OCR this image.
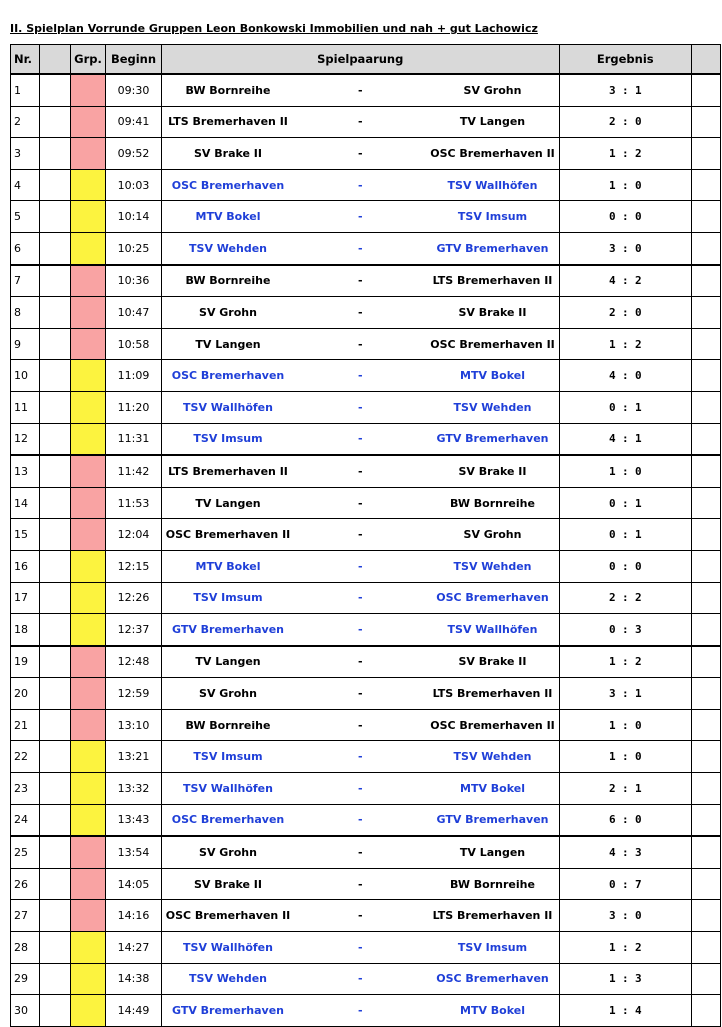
II. Spielplan Vorrunde Gruppen Leon Bonkowski Immobilien und nah + gut Lachowicz
Nr.		Grp.	Beginn	Spielpaarung			Ergebnis	
1			09:30	BW Bornreihe	-	SV Grohn	3 : 1	
2			09:41	LTS Bremerhaven II	-	TV Langen	2 : 0	
3			09:52	SV Brake II	-	OSC Bremerhaven II	1 : 2	
4			10:03	OSC Bremerhaven	-	TSV Wallhöfen	1 : 0	
5			10:14	MTV Bokel	-	TSV Imsum	0 : 0	
6			10:25	TSV Wehden	-	GTV Bremerhaven	3 : 0	
7			10:36	BW Bornreihe	-	LTS Bremerhaven II	4 : 2	
8			10:47	SV Grohn	-	SV Brake II	2 : 0	
9			10:58	TV Langen	-	OSC Bremerhaven II	1 : 2	
10			11:09	OSC Bremerhaven	-	MTV Bokel	4 : 0	
11			11:20	TSV Wallhöfen	-	TSV Wehden	0 : 1	
12			11:31	TSV Imsum	-	GTV Bremerhaven	4 : 1	
13			11:42	LTS Bremerhaven II	-	SV Brake II	1 : 0	
14			11:53	TV Langen	-	BW Bornreihe	0 : 1	
15			12:04	OSC Bremerhaven II	-	SV Grohn	0 : 1	
16			12:15	MTV Bokel	-	TSV Wehden	0 : 0	
17			12:26	TSV Imsum	-	OSC Bremerhaven	2 : 2	
18			12:37	GTV Bremerhaven	-	TSV Wallhöfen	0 : 3	
19			12:48	TV Langen	-	SV Brake II	1 : 2	
20			12:59	SV Grohn	-	LTS Bremerhaven II	3 : 1	
21			13:10	BW Bornreihe	-	OSC Bremerhaven II	1 : 0	
22			13:21	TSV Imsum	-	TSV Wehden	1 : 0	
23			13:32	TSV Wallhöfen	-	MTV Bokel	2 : 1	
24			13:43	OSC Bremerhaven	-	GTV Bremerhaven	6 : 0	
25			13:54	SV Grohn	-	TV Langen	4 : 3	
26			14:05	SV Brake II	-	BW Bornreihe	0 : 7	
27			14:16	OSC Bremerhaven II	-	LTS Bremerhaven II	3 : 0	
28			14:27	TSV Wallhöfen	-	TSV Imsum	1 : 2	
29			14:38	TSV Wehden	-	OSC Bremerhaven	1 : 3	
30			14:49	GTV Bremerhaven	-	MTV Bokel	1 : 4	
